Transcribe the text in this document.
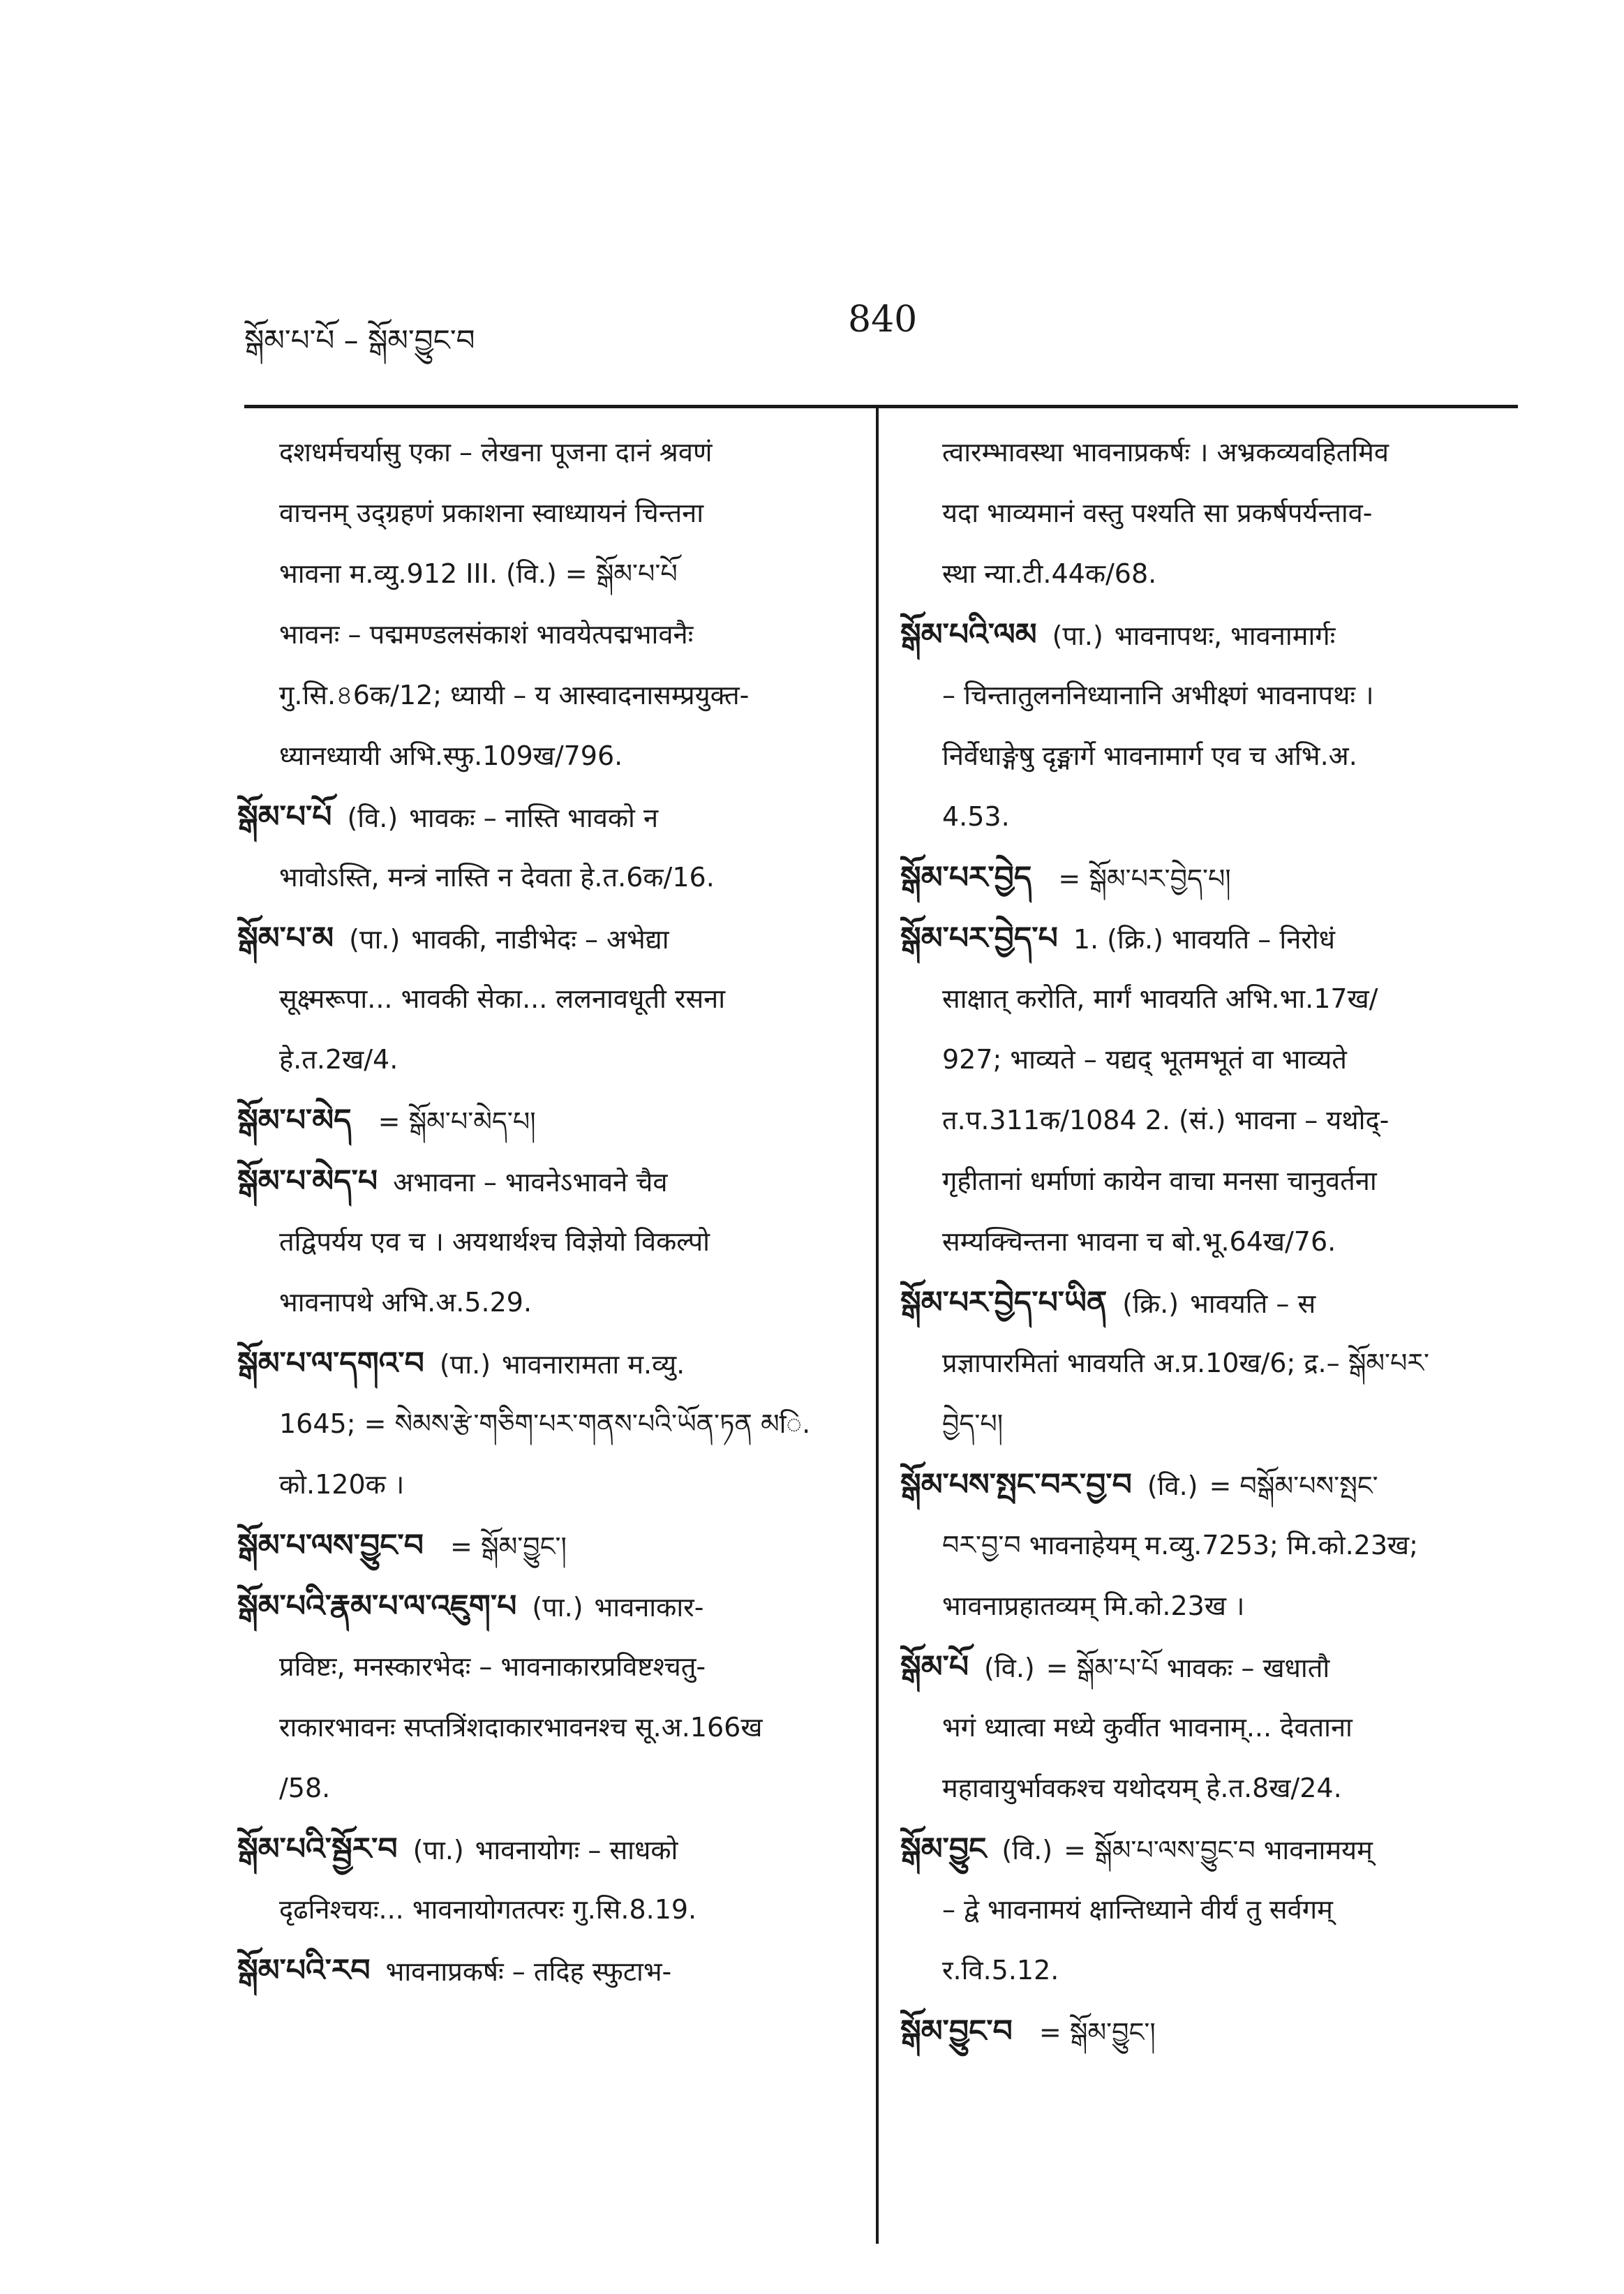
སྒོམ་པ་པོ – སྒོམ་བྱུང་བ	840
दशधर्मचर्यासु एका – लेखना पूजना दानं श्रवणं
वाचनम् उद्ग्रहणं प्रकाशना स्वाध्यायनं चिन्तना
भावना म.व्यु.912 III. (वि.) = སྒོམ་པ་པོ
भावनः – पद्ममण्डलसंकाशं भावयेत्पद्मभावनैः
गु.सि.৪6क/12; ध्यायी – य आस्वादनासम्प्रयुक्त-
ध्यानध्यायी अभि.स्फु.109ख/796.
སྒོམ་པ་པོ (वि.) भावकः – नास्ति भावको न
भावोऽस्ति, मन्त्रं नास्ति न देवता हे.त.6क/16.
སྒོམ་པ་མ (पा.) भावकी, नाडीभेदः – अभेद्या
सूक्ष्मरूपा... भावकी सेका... ललनावधूती रसना
हे.त.2ख/4.
སྒོམ་པ་མེད = སྒོམ་པ་མེད་པ།
སྒོམ་པ་མེད་པ अभावना – भावनेऽभावने चैव
तद्विपर्यय एव च । अयथार्थश्च विज्ञेयो विकल्पो
भावनापथे अभि.अ.5.29.
སྒོམ་པ་ལ་དགའ་བ (पा.) भावनारामता म.व्यु.
1645; = སེམས་རྩེ་གཅིག་པར་གནས་པའི་ཡོན་ཏན མि.
को.120क ।
སྒོམ་པ་ལས་བྱུང་བ = སྒོམ་བྱུང་།
སྒོམ་པའི་རྣམ་པ་ལ་འཇུག་པ (पा.) भावनाकार-
प्रविष्टः, मनस्कारभेदः – भावनाकारप्रविष्टश्चतु-
राकारभावनः सप्तत्रिंशदाकारभावनश्च सू.अ.166ख
/58.
སྒོམ་པའི་སྦྱོར་བ (पा.) भावनायोगः – साधको
दृढनिश्चयः... भावनायोगतत्परः गु.सि.8.19.
སྒོམ་པའི་རབ भावनाप्रकर्षः – तदिह स्फुटाभ-
त्वारम्भावस्था भावनाप्रकर्षः । अभ्रकव्यवहितमिव
यदा भाव्यमानं वस्तु पश्यति सा प्रकर्षपर्यन्ताव-
स्था न्या.टी.44क/68.
སྒོམ་པའི་ལམ (पा.) भावनापथः, भावनामार्गः
– चिन्तातुलननिध्यानानि अभीक्ष्णं भावनापथः ।
निर्वेधाङ्गेषु दृङ्मार्गे भावनामार्ग एव च अभि.अ.
4.53.
སྒོམ་པར་བྱེད = སྒོམ་པར་བྱེད་པ།
སྒོམ་པར་བྱེད་པ 1. (क्रि.) भावयति – निरोधं
साक्षात् करोति, मार्गं भावयति अभि.भा.17ख/
927; भाव्यते – यद्यद् भूतमभूतं वा भाव्यते
त.प.311क/1084 2. (सं.) भावना – यथोद्-
गृहीतानां धर्माणां कायेन वाचा मनसा चानुवर्तना
सम्यक्चिन्तना भावना च बो.भू.64ख/76.
སྒོམ་པར་བྱེད་པ་ཡིན (क्रि.) भावयति – स
प्रज्ञापारमितां भावयति अ.प्र.10ख/6; द्र.– སྒོམ་པར་
བྱེད་པ།
སྒོམ་པས་སྤང་བར་བྱ་བ (वि.) = བསྒོམ་པས་སྤང་
བར་བྱ་བ भावनाहेयम् म.व्यु.7253; मि.को.23ख;
भावनाप्रहातव्यम् मि.को.23ख ।
སྒོམ་པོ (वि.) = སྒོམ་པ་པོ भावकः – खधातौ
भगं ध्यात्वा मध्ये कुर्वीत भावनाम्... देवताना
महावायुर्भावकश्च यथोदयम् हे.त.8ख/24.
སྒོམ་བྱུང (वि.) = སྒོམ་པ་ལས་བྱུང་བ भावनामयम्
– द्वे भावनामयं क्षान्तिध्याने वीर्यं तु सर्वगम्
र.वि.5.12.
སྒོམ་བྱུང་བ = སྒོམ་བྱུང་།
